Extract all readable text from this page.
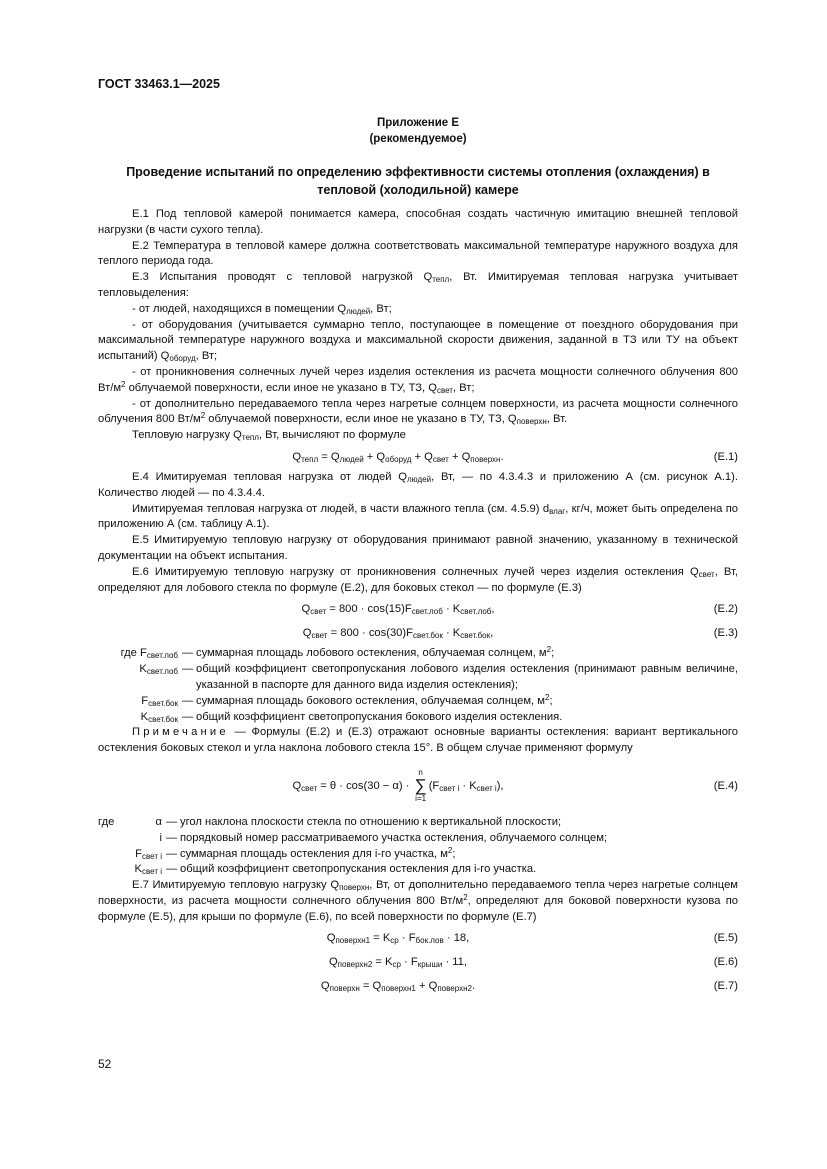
ГОСТ 33463.1—2025
Приложение Е
(рекомендуемое)
Проведение испытаний по определению эффективности системы отопления (охлаждения) в тепловой (холодильной) камере

Е.1 Под тепловой камерой понимается камера, способная создать частичную имитацию внешней тепловой нагрузки (в части сухого тепла).

Е.2 Температура в тепловой камере должна соответствовать максимальной температуре наружного воздуха для теплого периода года.

Е.3 Испытания проводят с тепловой нагрузкой $Q_{тепл}$, Вт. Имитируемая тепловая нагрузка учитывает тепловыделения:

- от людей, находящихся в помещении $Q_{людей}$, Вт;

- от оборудования (учитывается суммарно тепло, поступающее в помещение от поездного оборудования при максимальной температуре наружного воздуха и максимальной скорости движения, заданной в ТЗ или ТУ на объект испытаний) $Q_{оборуд}$, Вт;

- от проникновения солнечных лучей через изделия остекления из расчета мощности солнечного облучения 800 $Вт/м^2$ облучаемой поверхности, если иное не указано в ТУ, ТЗ, $Q_{свет}$, Вт;

- от дополнительно передаваемого тепла через нагретые солнцем поверхности, из расчета мощности солнечного облучения 800 $Вт/м^2$ облучаемой поверхности, если иное не указано в ТУ, ТЗ, $Q_{поверхн}$, Вт.

Тепловую нагрузку $Q_{тепл}$, Вт, вычисляют по формуле

$Q_{тепл} = Q_{людей} + Q_{оборуд} + Q_{свет} + Q_{поверхн}$.	(Е.1)

Е.4 Имитируемая тепловая нагрузка от людей $Q_{людей}$, Вт, — по 4.3.4.3 и приложению А (см. рисунок А.1). Количество людей — по 4.3.4.4.

Имитируемая тепловая нагрузка от людей, в части влажного тепла (см. 4.5.9) $d_{влаг}$, кг/ч, может быть определена по приложению А (см. таблицу А.1).

Е.5 Имитируемую тепловую нагрузку от оборудования принимают равной значению, указанному в технической документации на объект испытания.

Е.6 Имитируемую тепловую нагрузку от проникновения солнечных лучей через изделия остекления $Q_{свет}$, Вт, определяют для лобового стекла по формуле (Е.2), для боковых стекол — по формуле (Е.3)

$Q_{свет} = 800 \cdot \cos(15)F_{свет.лоб} \cdot K_{свет.лоб}$,	(Е.2)
$Q_{свет} = 800 \cdot \cos(30)F_{свет.бок} \cdot K_{свет.бок}$,	(Е.3)
где $F_{свет.лоб}$	—	суммарная площадь лобового остекления, облучаемая солнцем, $м^2$;
$K_{свет.лоб}$	—	общий коэффициент светопропускания лобового изделия остекления (принимают равным величине, указанной в паспорте для данного вида изделия остекления);
$F_{свет.бок}$	—	суммарная площадь бокового остекления, облучаемая солнцем, $м^2$;
$K_{свет.бок}$	—	общий коэффициент светопропускания бокового изделия остекления.

Примечание — Формулы (Е.2) и (Е.3) отражают основные варианты остекления: вариант вертикального остекления боковых стекол и угла наклона лобового стекла 15°. В общем случае применяют формулу

$Q_{свет} = \theta \cdot \cos(30 - \alpha)$ ·
n
∑
i=1
$(F_{свет i} \cdot K_{свет i})$,	(Е.4)
где	α	—	угол наклона плоскости стекла по отношению к вертикальной плоскости;
i	—	порядковый номер рассматриваемого участка остекления, облучаемого солнцем;
$F_{свет i}$	—	суммарная площадь остекления для i-го участка, $м^2$;
$K_{свет i}$	—	общий коэффициент светопропускания остекления для i-го участка.

Е.7 Имитируемую тепловую нагрузку $Q_{поверхн}$, Вт, от дополнительно передаваемого тепла через нагретые солнцем поверхности, из расчета мощности солнечного облучения 800 $Вт/м^2$, определяют для боковой поверхности кузова по формуле (Е.5), для крыши по формуле (Е.6), по всей поверхности по формуле (Е.7)

$Q_{поверхн1} = K_{ср} \cdot F_{бок.лов} \cdot 18$,	(Е.5)
$Q_{поверхн2} = K_{ср} \cdot F_{крыши} \cdot 11$,	(Е.6)
$Q_{поверхн} = Q_{поверхн1} + Q_{поверхн2}$.	(Е.7)
52
